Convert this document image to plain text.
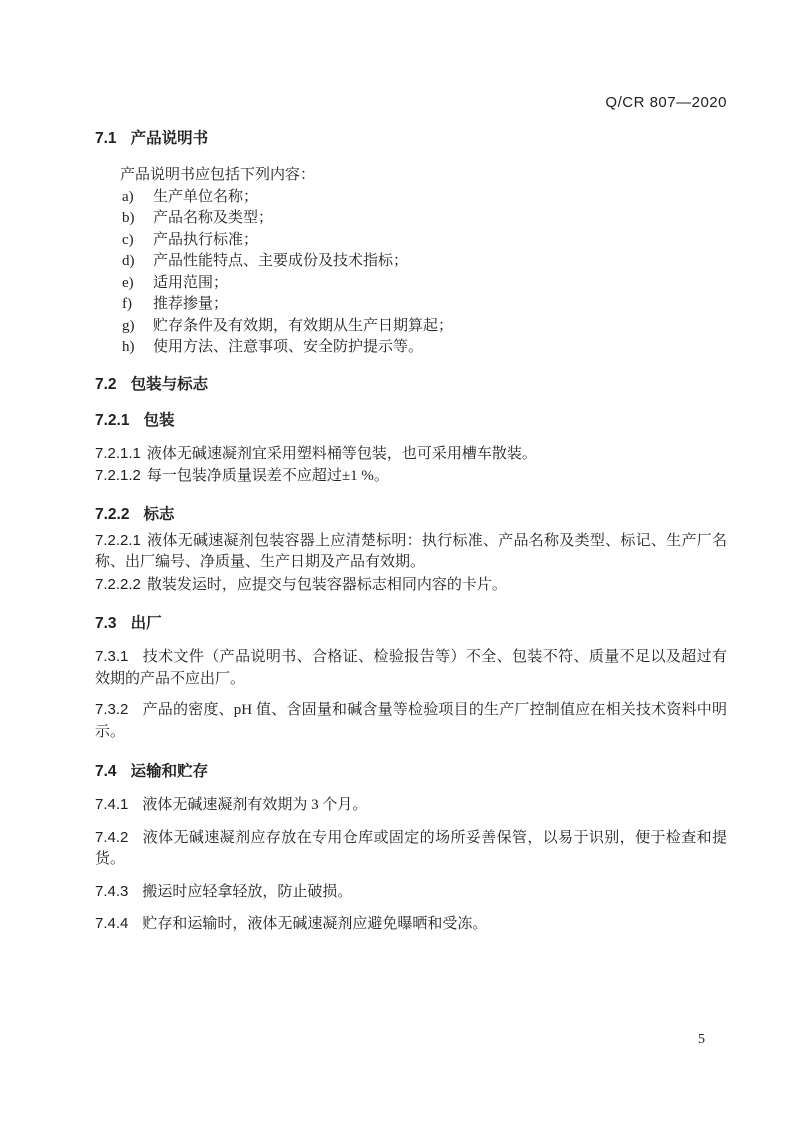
Q/CR 807—2020

7.1 产品说明书

产品说明书应包括下列内容：

a) 生产单位名称；
b) 产品名称及类型；
c) 产品执行标准；
d) 产品性能特点、主要成份及技术指标；
e) 适用范围；
f) 推荐掺量；
g) 贮存条件及有效期，有效期从生产日期算起；
h) 使用方法、注意事项、安全防护提示等。

7.2 包装与标志

7.2.1 包装

7.2.1.1 液体无碱速凝剂宜采用塑料桶等包装，也可采用槽车散装。

7.2.1.2 每一包装净质量误差不应超过±1 %。

7.2.2 标志

7.2.2.1 液体无碱速凝剂包装容器上应清楚标明：执行标准、产品名称及类型、标记、生产厂名称、出厂编号、净质量、生产日期及产品有效期。

7.2.2.2 散装发运时，应提交与包装容器标志相同内容的卡片。

7.3 出厂

7.3.1 技术文件（产品说明书、合格证、检验报告等）不全、包装不符、质量不足以及超过有效期的产品不应出厂。

7.3.2 产品的密度、pH 值、含固量和碱含量等检验项目的生产厂控制值应在相关技术资料中明示。

7.4 运输和贮存

7.4.1 液体无碱速凝剂有效期为 3 个月。

7.4.2 液体无碱速凝剂应存放在专用仓库或固定的场所妥善保管，以易于识别，便于检查和提货。

7.4.3 搬运时应轻拿轻放，防止破损。

7.4.4 贮存和运输时，液体无碱速凝剂应避免曝晒和受冻。

5
